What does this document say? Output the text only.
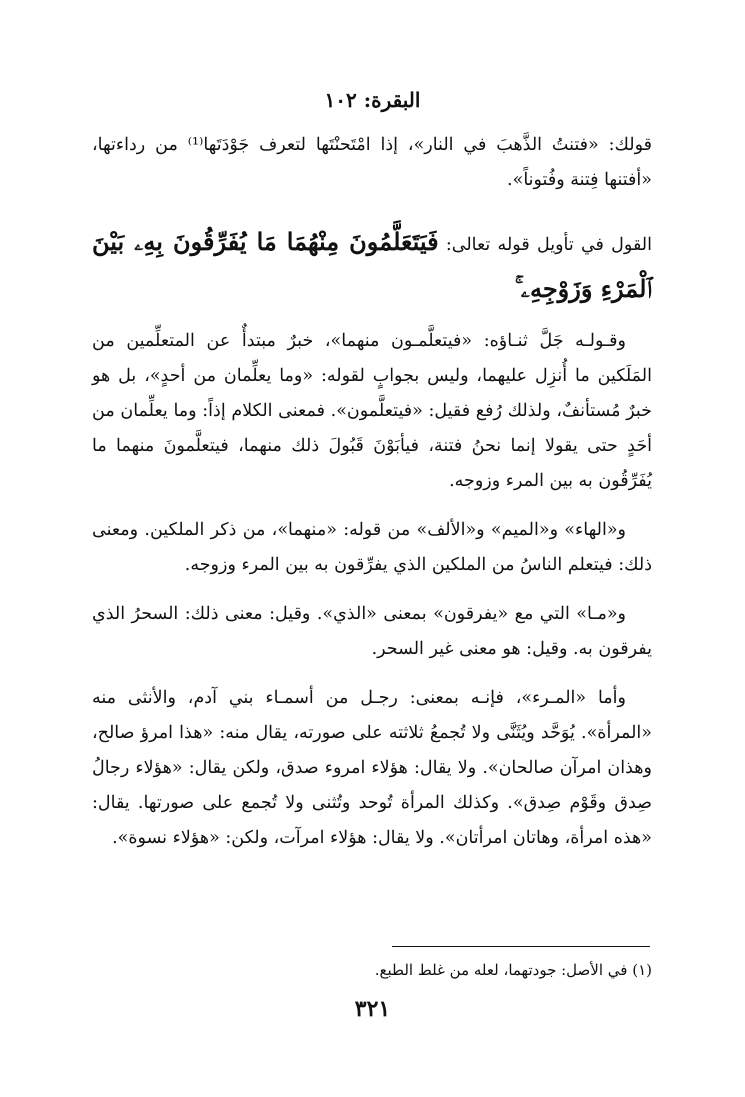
البقرة: ١٠٢

قولك: «فتنتُ الذَّهبَ في النار»، إذا امْتَحنْتَها لتعرف جَوْدَتَها⁽¹⁾ من رداءتها، «أفتنها فِتنة وفُتوناً».

القول في تأويل قوله تعالى: فَيَتَعَلَّمُونَ مِنْهُمَا مَا يُفَرِّقُونَ بِهِۦ بَيْنَ ٱلْمَرْءِ وَزَوْجِهِۦ ۚ

وقـولـه جَلَّ ثنـاؤه: «فيتعلَّمـون منهما»، خبرٌ مبتدأٌ عن المتعلِّمين من المَلَكين ما أُنزِل عليهما، وليس بجوابٍ لقوله: «وما يعلِّمان من أحدٍ»، بل هو خبرٌ مُستأنفٌ، ولذلك رُفع فقيل: «فيتعلَّمون». فمعنى الكلام إذاً: وما يعلِّمان من أحَدٍ حتى يقولا إنما نحنُ فتنة، فيأبَوْنَ قَبُولَ ذلك منهما، فيتعلَّمونَ منهما ما يُفَرِّقُون به بين المرء وزوجه.

و«الهاء» و«الميم» و«الألف» من قوله: «منهما»، من ذكر الملكين. ومعنى ذلك: فيتعلم الناسُ من الملكين الذي يفرِّقون به بين المرء وزوجه.

و«مـا» التي مع «يفرقون» بمعنى «الذي». وقيل: معنى ذلك: السحرُ الذي يفرقون به. وقيل: هو معنى غير السحر.

وأما «المـرء»، فإنـه بمعنى: رجـل من أسمـاء بني آدم، والأنثى منه «المرأة». يُوَحَّد ويُثَنَّى ولا تُجمعُ ثلاثته على صورته، يقال منه: «هذا امرؤ صالح، وهذان امرآن صالحان». ولا يقال: هؤلاء امروء صدق، ولكن يقال: «هؤلاء رجالُ صِدق وقَوْم صِدق». وكذلك المرأة تُوحد وتُثنى ولا تُجمع على صورتها. يقال: «هذه امرأة، وهاتان امرأتان». ولا يقال: هؤلاء امرآت، ولكن: «هؤلاء نسوة».

(١) في الأصل: جودتهما، لعله من غلط الطبع.
٣٢١
